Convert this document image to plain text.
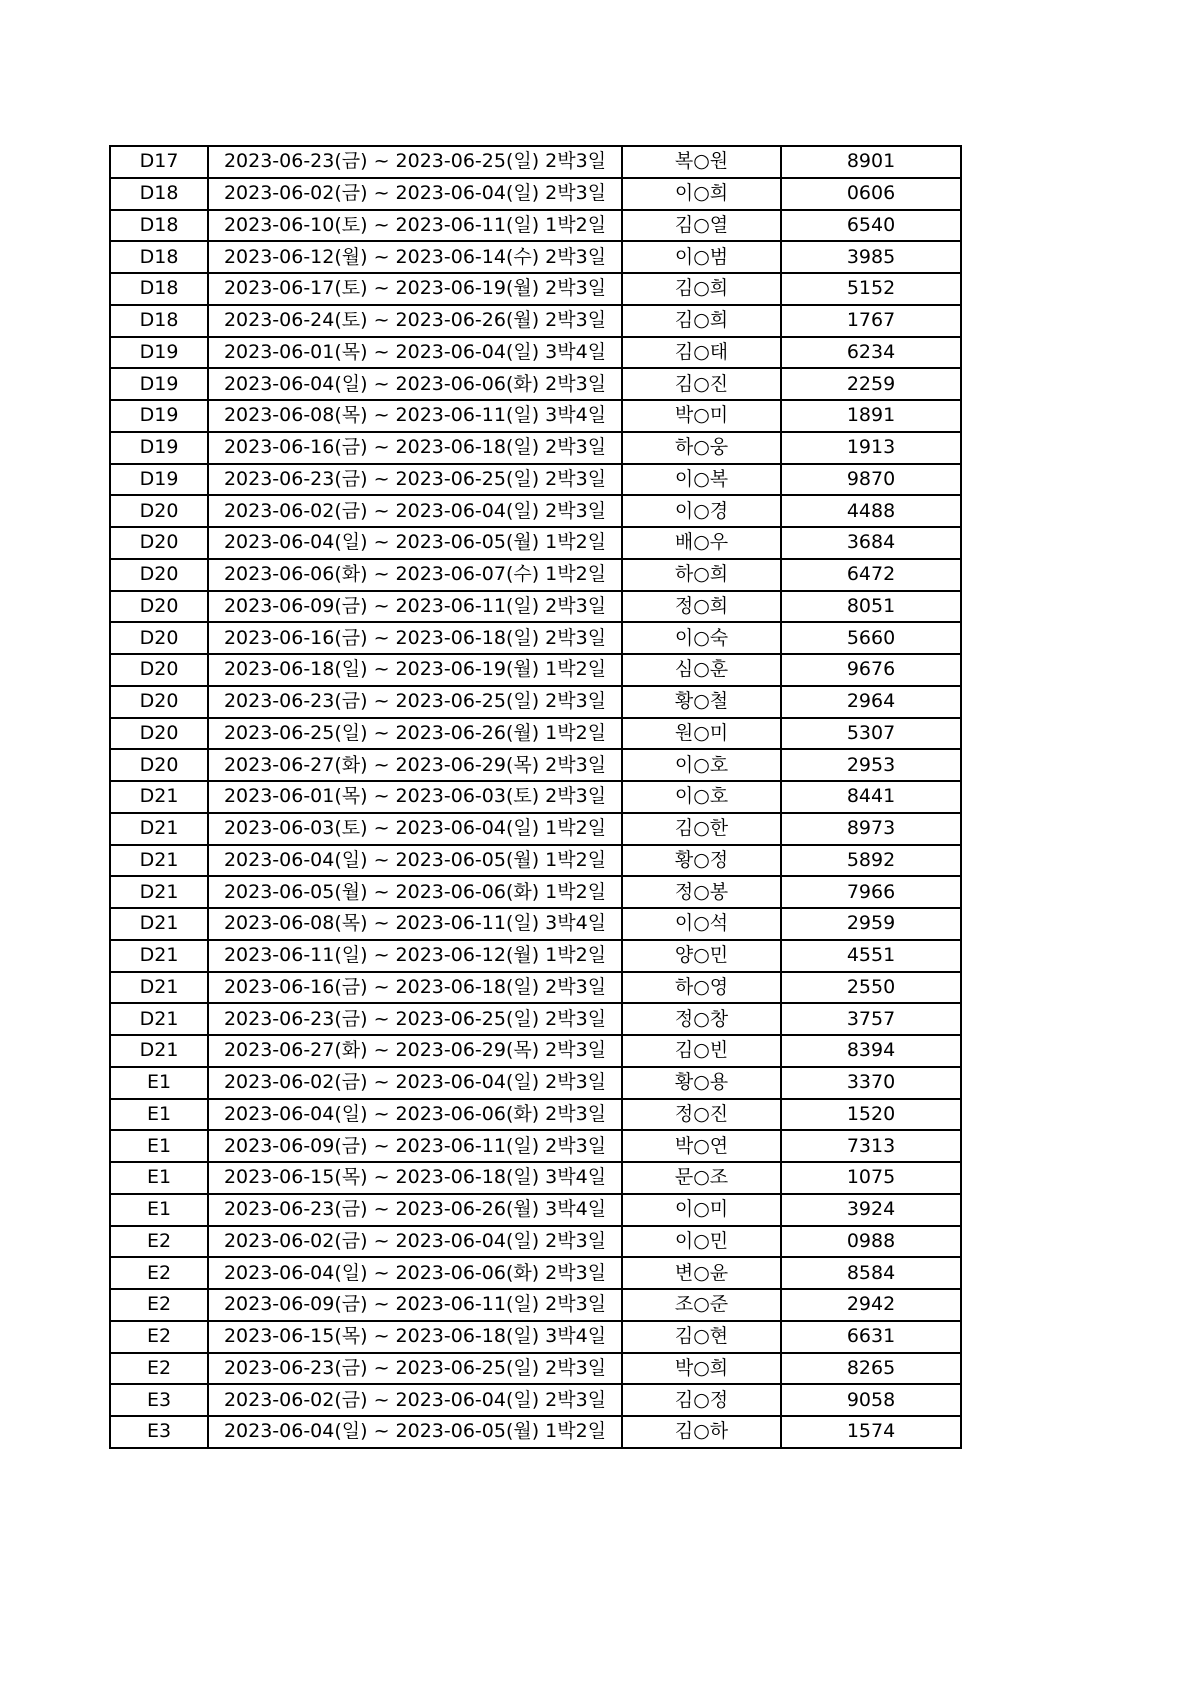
D17	2023-06-23(금) ~ 2023-06-25(일) 2박3일	복○원	8901
D18	2023-06-02(금) ~ 2023-06-04(일) 2박3일	이○희	0606
D18	2023-06-10(토) ~ 2023-06-11(일) 1박2일	김○열	6540
D18	2023-06-12(월) ~ 2023-06-14(수) 2박3일	이○범	3985
D18	2023-06-17(토) ~ 2023-06-19(월) 2박3일	김○희	5152
D18	2023-06-24(토) ~ 2023-06-26(월) 2박3일	김○희	1767
D19	2023-06-01(목) ~ 2023-06-04(일) 3박4일	김○태	6234
D19	2023-06-04(일) ~ 2023-06-06(화) 2박3일	김○진	2259
D19	2023-06-08(목) ~ 2023-06-11(일) 3박4일	박○미	1891
D19	2023-06-16(금) ~ 2023-06-18(일) 2박3일	하○웅	1913
D19	2023-06-23(금) ~ 2023-06-25(일) 2박3일	이○복	9870
D20	2023-06-02(금) ~ 2023-06-04(일) 2박3일	이○경	4488
D20	2023-06-04(일) ~ 2023-06-05(월) 1박2일	배○우	3684
D20	2023-06-06(화) ~ 2023-06-07(수) 1박2일	하○희	6472
D20	2023-06-09(금) ~ 2023-06-11(일) 2박3일	정○희	8051
D20	2023-06-16(금) ~ 2023-06-18(일) 2박3일	이○숙	5660
D20	2023-06-18(일) ~ 2023-06-19(월) 1박2일	심○훈	9676
D20	2023-06-23(금) ~ 2023-06-25(일) 2박3일	황○철	2964
D20	2023-06-25(일) ~ 2023-06-26(월) 1박2일	원○미	5307
D20	2023-06-27(화) ~ 2023-06-29(목) 2박3일	이○호	2953
D21	2023-06-01(목) ~ 2023-06-03(토) 2박3일	이○호	8441
D21	2023-06-03(토) ~ 2023-06-04(일) 1박2일	김○한	8973
D21	2023-06-04(일) ~ 2023-06-05(월) 1박2일	황○정	5892
D21	2023-06-05(월) ~ 2023-06-06(화) 1박2일	정○봉	7966
D21	2023-06-08(목) ~ 2023-06-11(일) 3박4일	이○석	2959
D21	2023-06-11(일) ~ 2023-06-12(월) 1박2일	양○민	4551
D21	2023-06-16(금) ~ 2023-06-18(일) 2박3일	하○영	2550
D21	2023-06-23(금) ~ 2023-06-25(일) 2박3일	정○창	3757
D21	2023-06-27(화) ~ 2023-06-29(목) 2박3일	김○빈	8394
E1	2023-06-02(금) ~ 2023-06-04(일) 2박3일	황○용	3370
E1	2023-06-04(일) ~ 2023-06-06(화) 2박3일	정○진	1520
E1	2023-06-09(금) ~ 2023-06-11(일) 2박3일	박○연	7313
E1	2023-06-15(목) ~ 2023-06-18(일) 3박4일	문○조	1075
E1	2023-06-23(금) ~ 2023-06-26(월) 3박4일	이○미	3924
E2	2023-06-02(금) ~ 2023-06-04(일) 2박3일	이○민	0988
E2	2023-06-04(일) ~ 2023-06-06(화) 2박3일	변○윤	8584
E2	2023-06-09(금) ~ 2023-06-11(일) 2박3일	조○준	2942
E2	2023-06-15(목) ~ 2023-06-18(일) 3박4일	김○현	6631
E2	2023-06-23(금) ~ 2023-06-25(일) 2박3일	박○희	8265
E3	2023-06-02(금) ~ 2023-06-04(일) 2박3일	김○정	9058
E3	2023-06-04(일) ~ 2023-06-05(월) 1박2일	김○하	1574
